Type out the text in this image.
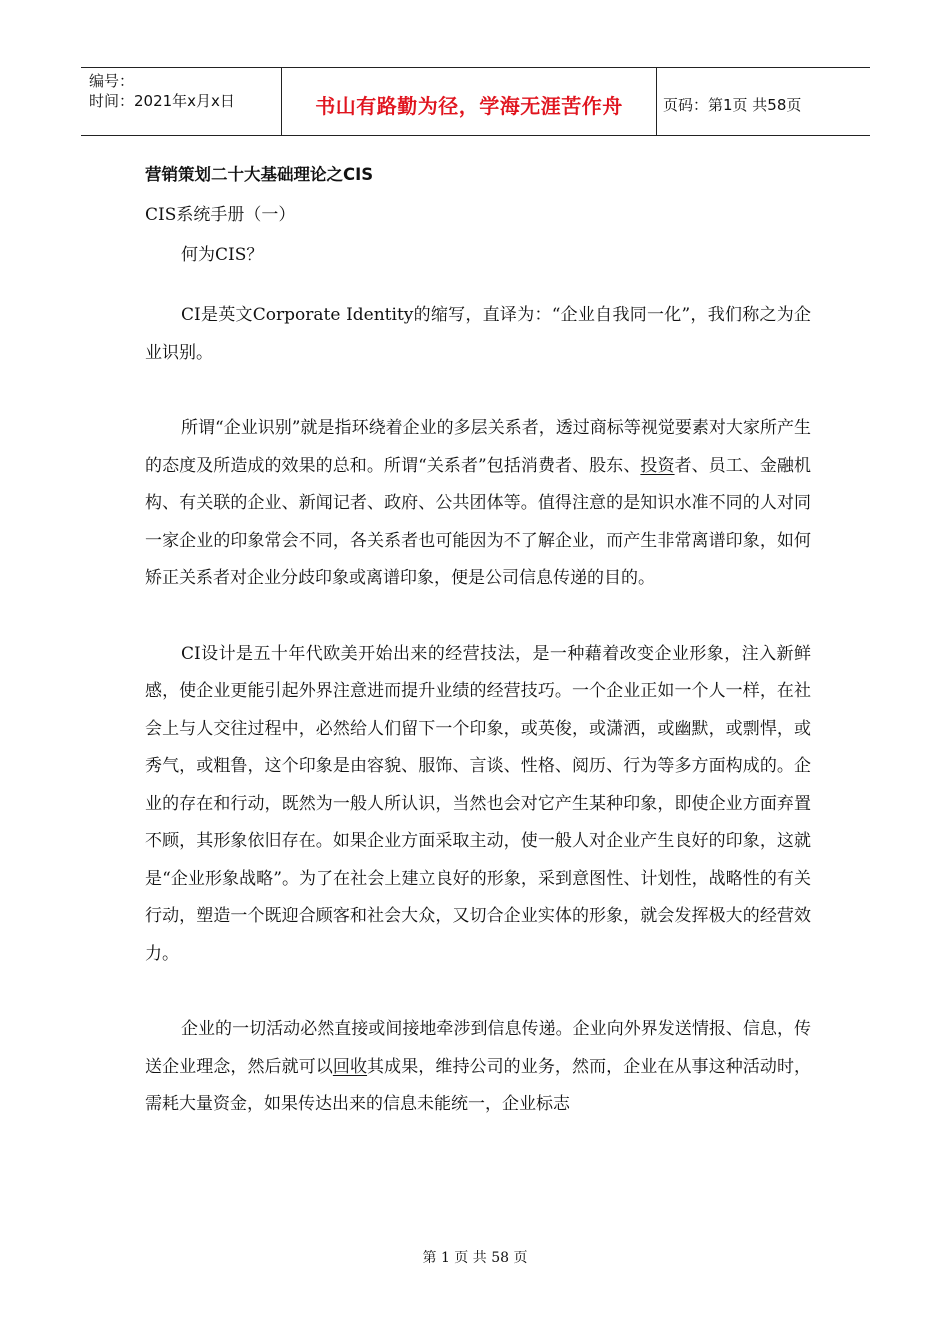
编号：
时间：2021年x月x日	书山有路勤为径，学海无涯苦作舟	页码：第1页 共58页
营销策划二十大基础理论之CIS
CIS系统手册（一）
何为CIS？

CI是英文Corporate Identity的缩写，直译为：“企业自我同一化”，我们称之为企业识别。

所谓“企业识别”就是指环绕着企业的多层关系者，透过商标等视觉要素对大家所产生的态度及所造成的效果的总和。所谓“关系者”包括消费者、股东、投资者、员工、金融机构、有关联的企业、新闻记者、政府、公共团体等。值得注意的是知识水准不同的人对同一家企业的印象常会不同，各关系者也可能因为不了解企业，而产生非常离谱印象，如何矫正关系者对企业分歧印象或离谱印象，便是公司信息传递的目的。

CI设计是五十年代欧美开始出来的经营技法，是一种藉着改变企业形象，注入新鲜感，使企业更能引起外界注意进而提升业绩的经营技巧。一个企业正如一个人一样，在社会上与人交往过程中，必然给人们留下一个印象，或英俊，或潇洒，或幽默，或剽悍，或秀气，或粗鲁，这个印象是由容貌、服饰、言谈、性格、阅历、行为等多方面构成的。企业的存在和行动，既然为一般人所认识，当然也会对它产生某种印象，即使企业方面弃置不顾，其形象依旧存在。如果企业方面采取主动，使一般人对企业产生良好的印象，这就是“企业形象战略”。为了在社会上建立良好的形象，采到意图性、计划性，战略性的有关行动，塑造一个既迎合顾客和社会大众，又切合企业实体的形象，就会发挥极大的经营效力。

企业的一切活动必然直接或间接地牵涉到信息传递。企业向外界发送情报、信息，传送企业理念，然后就可以回收其成果，维持公司的业务，然而，企业在从事这种活动时，需耗大量资金，如果传达出来的信息未能统一，企业标志

第 1 页 共 58 页
